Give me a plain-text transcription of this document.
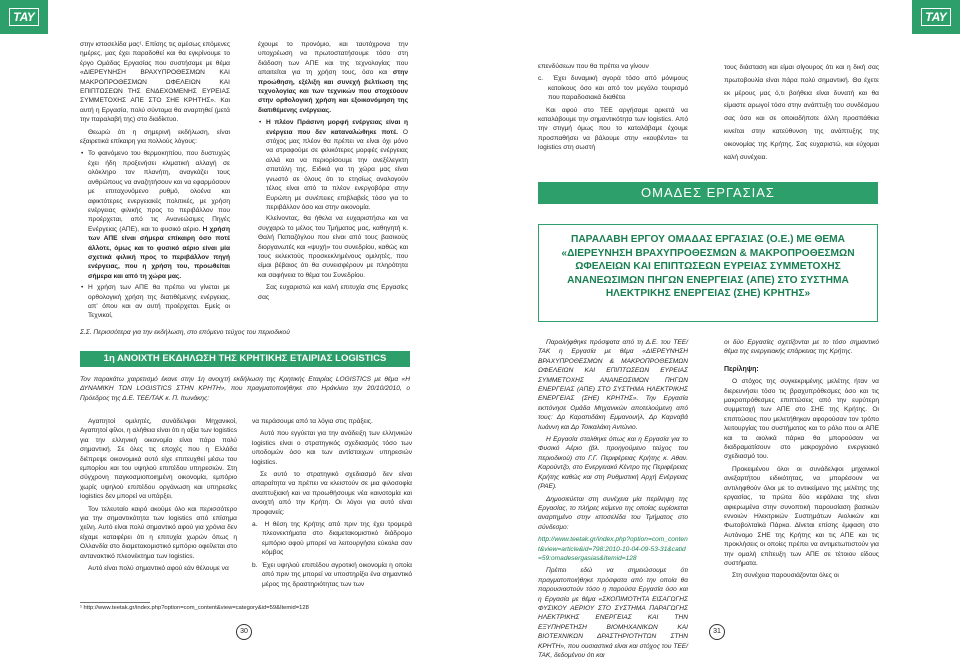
ΤΑΥ

στην ιστοσελίδα μας¹. Επίσης τις αμέσως επόμενες ημέρες, μας έχει παραδοθεί και θα εγκρίνουμε το έργο Ομάδας Εργασίας που συστήσαμε με θέμα «ΔΙΕΡΕΥΝΗΣΗ ΒΡΑΧΥΠΡΟΘΕΣΜΩΝ ΚΑΙ ΜΑΚΡΟΠΡΟΘΕΣΜΩΝ ΩΦΕΛΕΙΩΝ ΚΑΙ ΕΠΙΠΤΩΣΕΩΝ ΤΗΣ ΕΝΔΕΧΟΜΕΝΗΣ ΕΥΡΕΙΑΣ ΣΥΜΜΕΤΟΧΗΣ ΑΠΕ ΣΤΟ ΣΗΕ ΚΡΗΤΗΣ». Και αυτή η Εργασία, πολύ σύντομα θα αναρτηθεί (μετά την παραλαβή της) στο διαδίκτυο.

Θεωρώ ότι η σημερινή εκδήλωση, είναι εξαιρετικά επίκαιρη για πολλούς λόγους:

• Το φαινόμενο του θερμοκηπίου, που δυστυχώς έχει ήδη προξενήσει κλιματική αλλαγή σε ολόκληρο τον πλανήτη, αναγκάζει τους ανθρώπους να αναζητήσουν και να εφαρμόσουν με επιταχυνόμενο ρυθμό, ολοένα και αφικτότερες ενεργειακές πολιτικές, με χρήση ενέργειας φιλικής προς το περιβάλλον που προέρχεται, από τις Ανανεώσιμες Πηγές Ενέργειας (ΑΠΕ), και το φυσικό αέριο. Η χρήση των ΑΠΕ είναι σήμερα επίκαιρη όσο ποτέ άλλοτε, όμως και το φυσικό αέριο είναι μία σχετικά φιλική προς το περιβάλλον πηγή ενέργειας, που η χρήση του, προωθείται σήμερα και από τη χώρα μας.
• Η χρήση των ΑΠΕ θα πρέπει να γίνεται με ορθολογική χρήση της διατιθέμενης ενέργειας, απ' όπου και αν αυτή προέρχεται. Εμείς οι Τεχνικοί,

έχουμε το προνόμιο, και ταυτόχρονα την υποχρέωση να πρωτοστατήσουμε τόσο στη διάδοση των ΑΠΕ και της τεχνολογίας που απαιτείται για τη χρήση τους, όσο και στην προώθηση, εξέλιξη και συνεχή βελτίωση της τεχνολογίας και των τεχνικών που στοχεύουν στην ορθολογική χρήση και εξοικονόμηση της διατιθέμενης ενέργειας.

• Η πλέον Πράσινη μορφή ενέργειας είναι η ενέργεια που δεν καταναλώθηκε ποτέ. Ο στόχος μας πλέον θα πρέπει να είναι όχι μόνο να στραφούμε σε φιλικότερες μορφές ενέργειας αλλά και να περιορίσουμε την ανεξέλεγκτη σπατάλη της. Ειδικά για τη χώρα μας είναι γνωστό σε όλους ότι το ετησίως αναλογούν τέλος είναι από τα πλέον ενεργοβόρα στην Ευρώπη με συνέπειες επιβλαβείς τόσο για το περιβάλλον όσο και στην οικονομία.

Κλείνοντας, θα ήθελα να ευχαριστήσω και να συγχαρώ το μέλος του Τμήματος μας, καθηγητή κ. Θαλή Παπαζόγλου που είναι από τους βασικούς διοργανωτές και «ψυχή» του συνεδρίου, καθώς και τους εκλεκτούς προσκεκλημένους ομιλητές, που είμαι βέβαιος ότι θα συνεισφέρουν με πληρότητα και σαφήνεια το θέμα του Συνεδρίου.

Σας ευχαριστώ και καλή επιτυχία στις Εργασίες σας

Σ.Σ. Περισσότερα για την εκδήλωση, στο επόμενο τεύχος του περιοδικού
1η ΑΝΟΙΧΤΗ ΕΚΔΗΛΩΣΗ ΤΗΣ ΚΡΗΤΙΚΗΣ ΕΤΑΙΡΙΑΣ LOGISTICS
Τον παρακάτω χαιρετισμό έκανε στην 1η ανοιχτή εκδήλωση της Κρητικής Εταιρίας LOGISTICS με θέμα «Η ΔΥΝΑΜΙΚΗ ΤΩΝ LOGISTICS ΣΤΗΝ ΚΡΗΤΗ», που πραγματοποιήθηκε στο Ηράκλειο την 20/10/2010, ο Πρόεδρος της Δ.Ε. ΤΕΕ/ΤΑΚ κ. Π. Ιτωνάκης:

Αγαπητοί ομιλητές, συνάδελφοι Μηχανικοί, Αγαπητοί φίλοι, η αλήθεια είναι ότι η αξία των logistics για την ελληνική οικονομία είναι πάρα πολύ σημαντική. Σε όλες τις εποχές που η Ελλάδα διέπρεψε οικονομικά αυτό είχε επιτευχθεί μέσω του εμπορίου και του υψηλού επιπέδου υπηρεσιών. Στη σύγχρονη παγκοσμιοποιημένη οικονομία, εμπόριο χωρίς υψηλού επιπέδου οργάνωση και υπηρεσίες logistics δεν μπορεί να υπάρξει.

Τον τελευταίο καιρό ακούμε όλο και περισσότερο για την σημαντικότητα των logistics από επίσημα χείλη. Αυτό είναι πολύ σημαντικό αφού για χρόνια δεν είχαμε καταφέρει ότι η επιτυχία χωρών όπως η Ολλανδία στο διαμετακομιστικό εμπόριο οφείλεται στο αντανακτικό πλεονέκτημα των logistics.

Αυτό είναι πολύ σημαντικό αφού εάν θέλουμε να

να περάσουμε από τα λόγια στις πράξεις.

Αυτό που εγγύεται για την ανάδειξη των ελληνικών logistics είναι ο στρατηγικός σχεδιασμός τόσο των υποδομών όσο και των αντίστοιχων υπηρεσιών logistics.

Σε αυτό το στρατηγικό σχεδιασμό δεν είναι απαραίτητα να πρέπει να κλειστούν σε μια φιλοσοφία αναπτυξιακή και να προωθήσουμε νέα καινοτομία και ανοιχτή από την Κρήτη. Οι λόγοι για αυτό είναι προφανείς:

a.  Η θέση της Κρήτης από πριν της έχει τρομερά πλεονεκτήματα στο διαμετακομιστικό διάδρομο εμπόριο αφού μπορεί να λειτουργήσει εύκολα σαν κόμβος

b.  Έχει υψηλού επιπέδου αγροτική οικονομία η οποία από πριν της μπορεί να υποστηρίξει ένα σημαντικό μέρος της δραστηριότητας των των

¹ http://www.teetak.gr/index.php?option=com_content&view=category&id=59&Itemid=128
30
ΤΑΥ

επενδύσεων που θα πρέπει να γίνουν

c.  Έχει δυναμική αγορά τόσο από μόνιμους κατοίκους όσο και από τον μεγάλο τουρισμό που παραδοσιακά διαθέτει

Και αφού στο ΤΕΕ αργήσαμε αρκετά να καταλάβουμε την σημαντικότητα των logistics. Από την στιγμή όμως που το καταλάβαμε έχουμε προσπαθήσει να βάλουμε στην «κουβέντα» τα logistics στη σωστή

τους διάσταση και είμαι σίγουρος ότι και η δική σας πρωτοβουλία είναι πάρα πολύ σημαντική. Θα έχετε εκ μέρους μας ό,τι βοήθεια είναι δυνατή και θα είμαστε αρωγοί τόσο στην ανάπτυξη του συνδέσμου σας όσο και σε οποιαδήποτε άλλη προσπάθεια κινείται στην κατεύθυνση της ανάπτυξης της οικονομίας της Κρήτης. Σας ευχαριστώ, και εύχομαι καλή συνέχεια.

ΟΜΑΔΕΣ ΕΡΓΑΣΙΑΣ
ΠΑΡΑΛΑΒΗ ΕΡΓΟΥ ΟΜΑΔΑΣ ΕΡΓΑΣΙΑΣ (Ο.Ε.) ΜΕ ΘΕΜΑ «ΔΙΕΡΕΥΝΗΣΗ ΒΡΑΧΥΠΡΟΘΕΣΜΩΝ & ΜΑΚΡΟΠΡΟΘΕΣΜΩΝ ΩΦΕΛΕΙΩΝ ΚΑΙ ΕΠΙΠΤΩΣΕΩΝ ΕΥΡΕΙΑΣ ΣΥΜΜΕΤΟΧΗΣ ΑΝΑΝΕΩΣΙΜΩΝ ΠΗΓΩΝ ΕΝΕΡΓΕΙΑΣ (ΑΠΕ) ΣΤΟ ΣΥΣΤΗΜΑ ΗΛΕΚΤΡΙΚΗΣ ΕΝΕΡΓΕΙΑΣ (ΣΗΕ) ΚΡΗΤΗΣ»

Παραλήφθηκε πρόσφατα από τη Δ.Ε. του ΤΕΕ/ΤΑΚ η Εργασία με θέμα «ΔΙΕΡΕΥΝΗΣΗ ΒΡΑΧΥΠΡΟΘΕΣΜΩΝ & ΜΑΚΡΟΠΡΟΘΕΣΜΩΝ ΩΦΕΛΕΙΩΝ ΚΑΙ ΕΠΙΠΤΩΣΕΩΝ ΕΥΡΕΙΑΣ ΣΥΜΜΕΤΟΧΗΣ ΑΝΑΝΕΩΣΙΜΩΝ ΠΗΓΩΝ ΕΝΕΡΓΕΙΑΣ (ΑΠΕ) ΣΤΟ ΣΥΣΤΗΜΑ ΗΛΕΚΤΡΙΚΗΣ ΕΝΕΡΓΕΙΑΣ (ΣΗΕ) ΚΡΗΤΗΣ». Την Εργασία εκπόνησε Ομάδα Μηχανικών αποτελούμενη από τους: Δρ Καραπιδάκη Εμμανουήλ, Δρ Καρναβά Ιωάννη και Δρ Τσικαλάκη Αντώνιο.

Η Εργασία σταλθηκε όπως και η Εργασία για το Φυσικό Αέριο (βλ. προηγούμενο τεύχος του περιοδικού) στο Γ.Γ. Περιφέρειας Κρήτης κ. Αθαν. Καρούντζο, στο Ενεργειακό Κέντρο της Περιφέρειας Κρήτης καθώς και στη Ρυθμιστική Αρχή Ενέργειας (ΡΑΕ).

Δημοσιεύεται στη συνέχεια μία περίληψη της Εργασίας, το πλήρες κείμενο της οποίας ευρίσκεται αναρτημένο στην ιστοσελίδα του Τμήματος στο σύνδεσμο:

http://www.teetak.gr/index.php?option=com_content&view=article&id=798:2010-10-04-09-53-31&catid=59:omadesergasias&Itemid=128

Πρέπει εδώ να σημειώσουμε ότι πραγματοποιήθηκε πρόσφατα από την οποία θα παρουσιαστούν τόσο η παρούσα Εργασία όσο και η Εργασία με θέμα «ΣΚΟΠΙΜΟΤΗΤΑ ΕΙΣΑΓΩΓΗΣ ΦΥΣΙΚΟΥ ΑΕΡΙΟΥ ΣΤΟ ΣΥΣΤΗΜΑ ΠΑΡΑΓΩΓΗΣ ΗΛΕΚΤΡΙΚΗΣ ΕΝΕΡΓΕΙΑΣ ΚΑΙ ΤΗΝ ΕΞΥΠΗΡΕΤΗΣΗ ΒΙΟΜΗΧΑΝΙΚΩΝ ΚΑΙ ΒΙΟΤΕΧΝΙΚΩΝ ΔΡΑΣΤΗΡΙΟΤΗΤΩΝ ΣΤΗΝ ΚΡΗΤΗ», που ουσιαστικά είναι και στόχος του ΤΕΕ/ΤΑΚ, δεδομένου ότι και

οι δύο Εργασίες σχετίζονται με το τόσο σημαντικό θέμα της ενεργειακής επάρκειας της Κρήτης.

Περίληψη:

Ο στόχος της συγκεκριμένης μελέτης ήταν να διερευνήσει τόσο τις βραχυπρόθεσμες όσο και τις μακροπρόθεσμες επιπτώσεις από την ευρύτερη συμμετοχή των ΑΠΕ στο ΣΗΕ της Κρήτης. Οι επιπτώσεις που μελετήθηκαν αφορούσαν τον τρόπο λειτουργίας του συστήματος και το ρόλο που οι ΑΠΕ και τα αιολικά πάρκα θα μπορούσαν να διαδραματίσουν στο μακροχρόνιο ενεργειακό σχεδιασμό του.

Προκειμένου όλοι οι συνάδελφοι μηχανικοί ανεξαρτήτου ειδικότητας, να μπορέσουν να αντιληφθούν όλοι με το αντικείμενο της μελέτης της εργασίας, τα πρώτα δύο κεφάλαια της είναι αφιερωμένα στην συνοπτική παρουσίαση βασικών εννοιών Ηλεκτρικών Συστημάτων Αιολικών και Φωτοβολταϊκά Πάρκα. Δίνεται επίσης έμφαση στο Αυτόνομο ΣΗΕ της Κρήτης και τις ΑΠΕ και τις προκλήσεις οι οποίες πρέπει να αντιμετωπιστούν για την ομαλή επίτευξη των ΑΠΕ σε τέτοιου είδους συστήματα.

Στη συνέχεια παρουσιάζονται όλες οι

31
